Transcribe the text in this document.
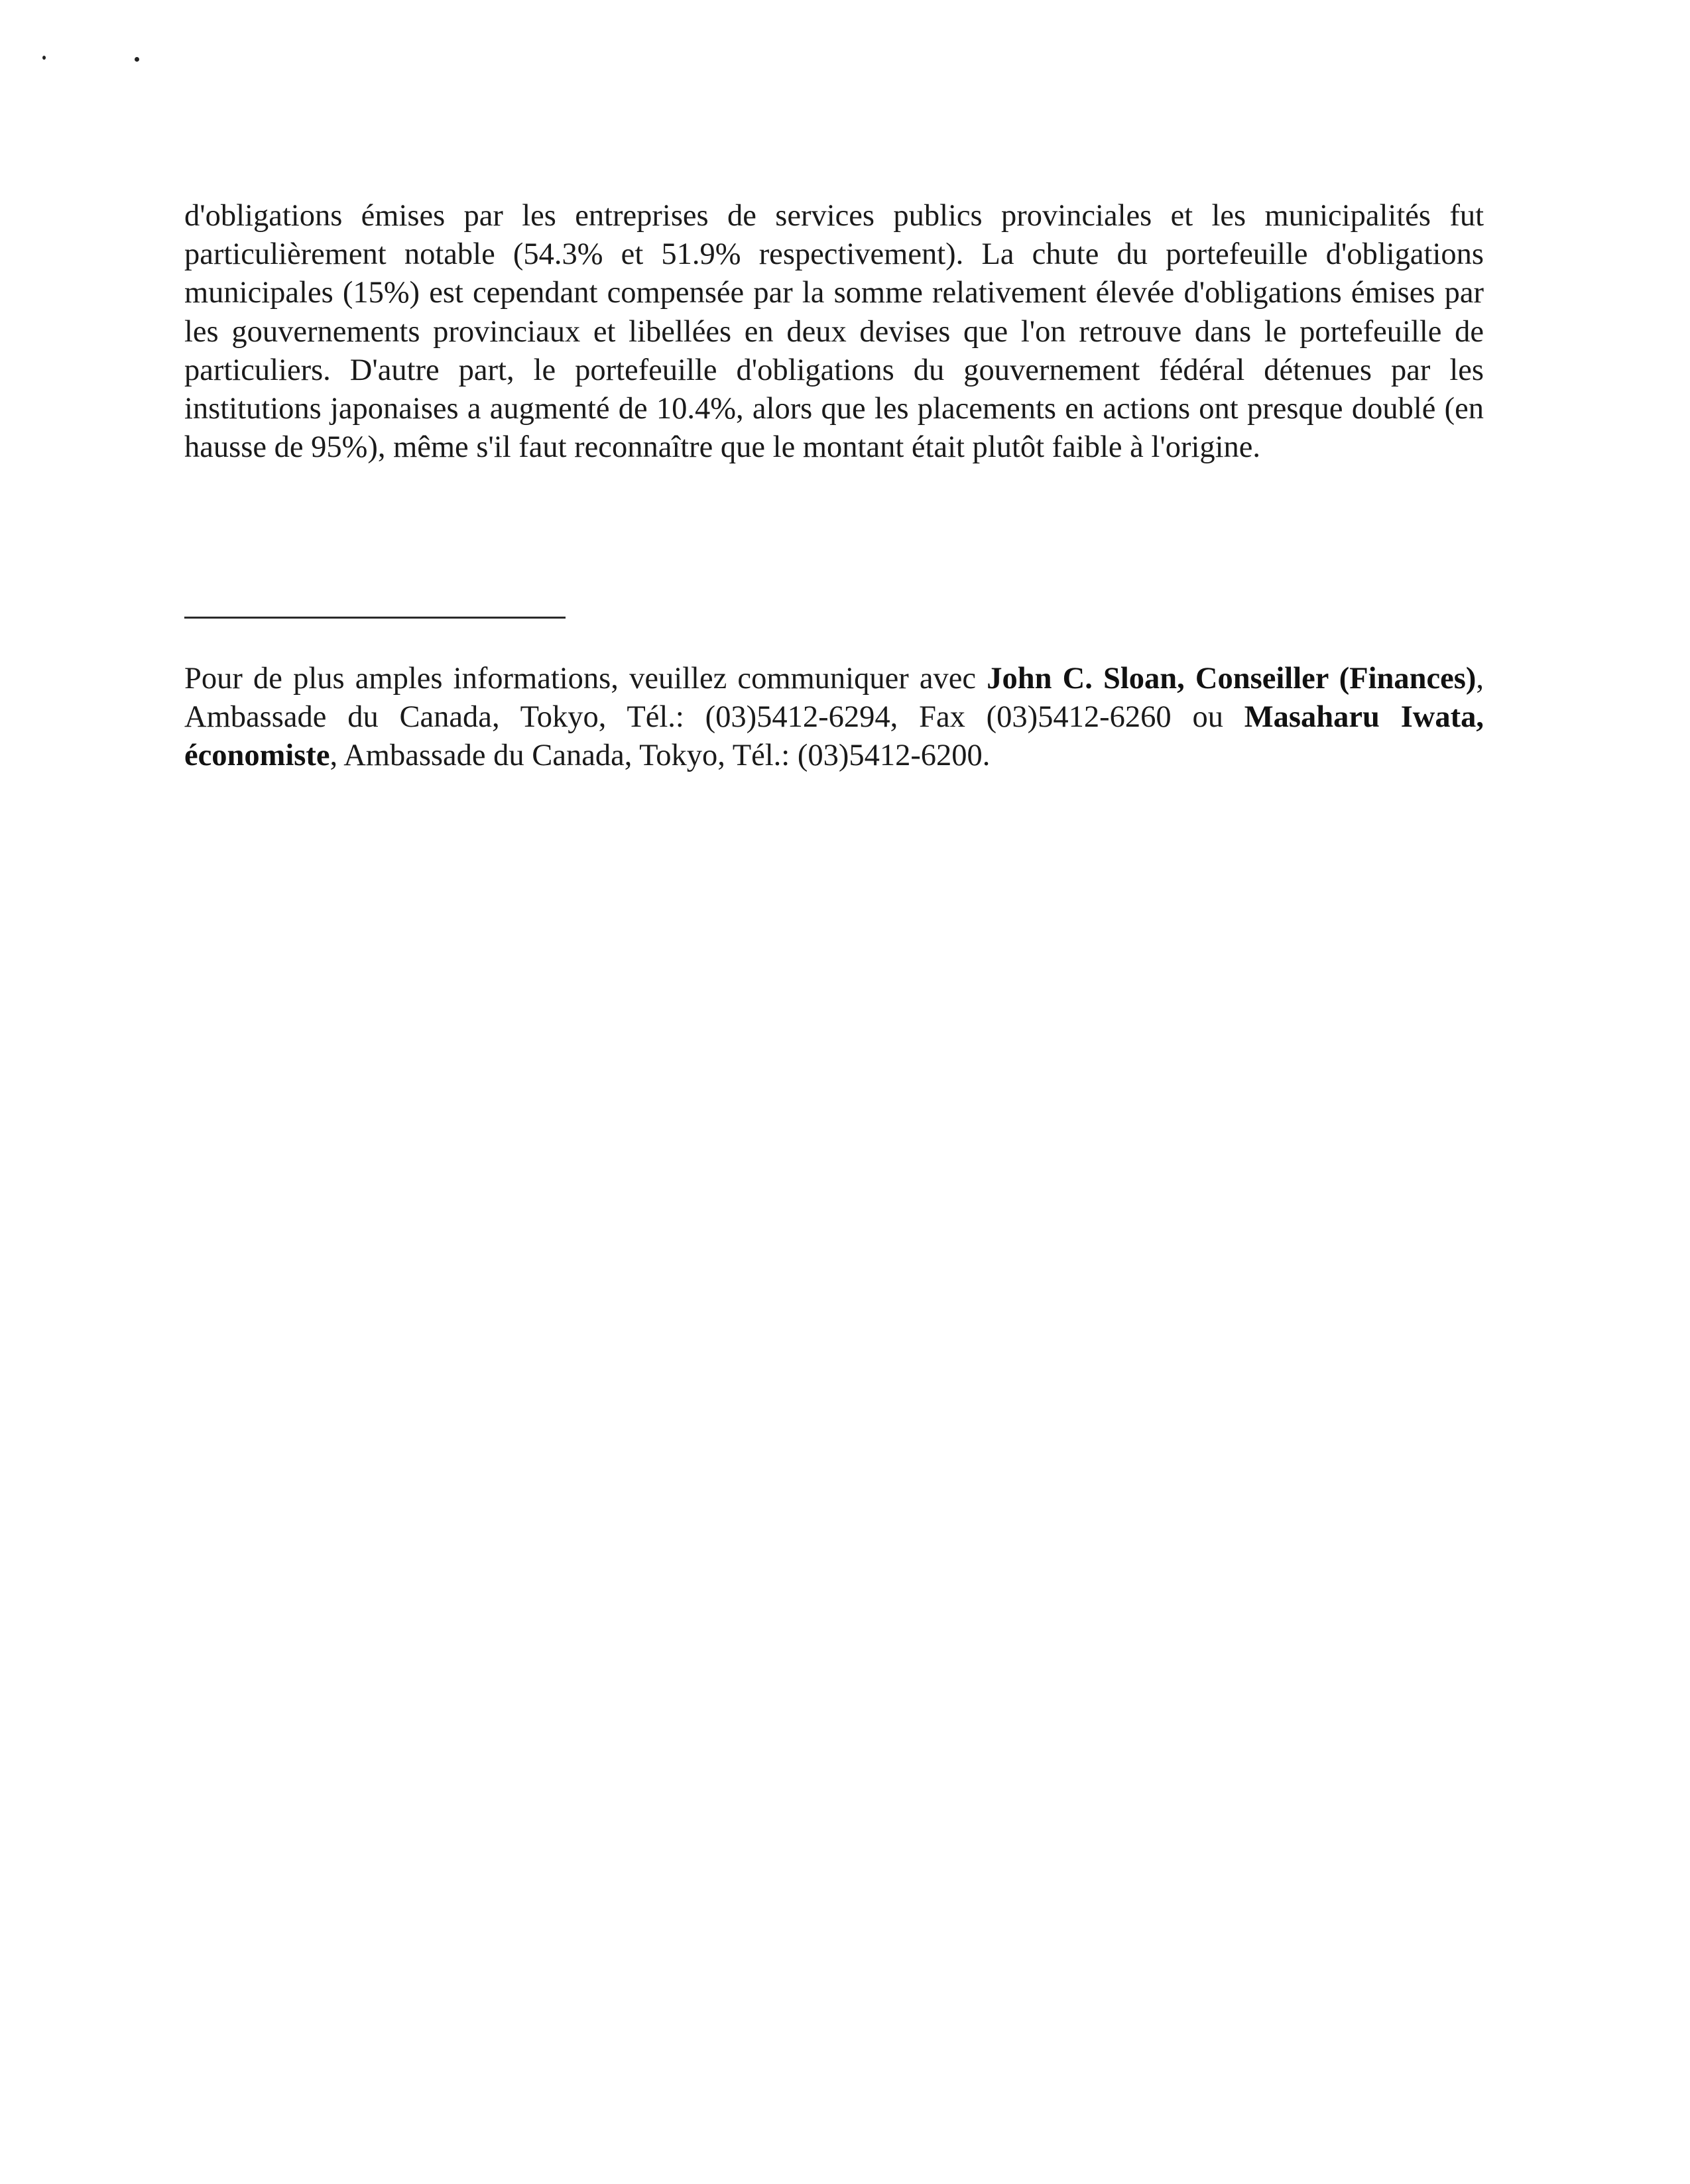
d'obligations émises par les entreprises de services publics provinciales et les municipalités fut particulièrement notable (54.3% et 51.9% respectivement). La chute du portefeuille d'obligations municipales (15%) est cependant compensée par la somme relativement élevée d'obligations émises par les gouvernements provinciaux et libellées en deux devises que l'on retrouve dans le portefeuille de particuliers. D'autre part, le portefeuille d'obligations du gouvernement fédéral détenues par les institutions japonaises a augmenté de 10.4%, alors que les placements en actions ont presque doublé (en hausse de 95%), même s'il faut reconnaître que le montant était plutôt faible à l'origine.

Pour de plus amples informations, veuillez communiquer avec John C. Sloan, Conseiller (Finances), Ambassade du Canada, Tokyo, Tél.: (03)5412-6294, Fax (03)5412-6260 ou Masaharu Iwata, économiste, Ambassade du Canada, Tokyo, Tél.: (03)5412-6200.
